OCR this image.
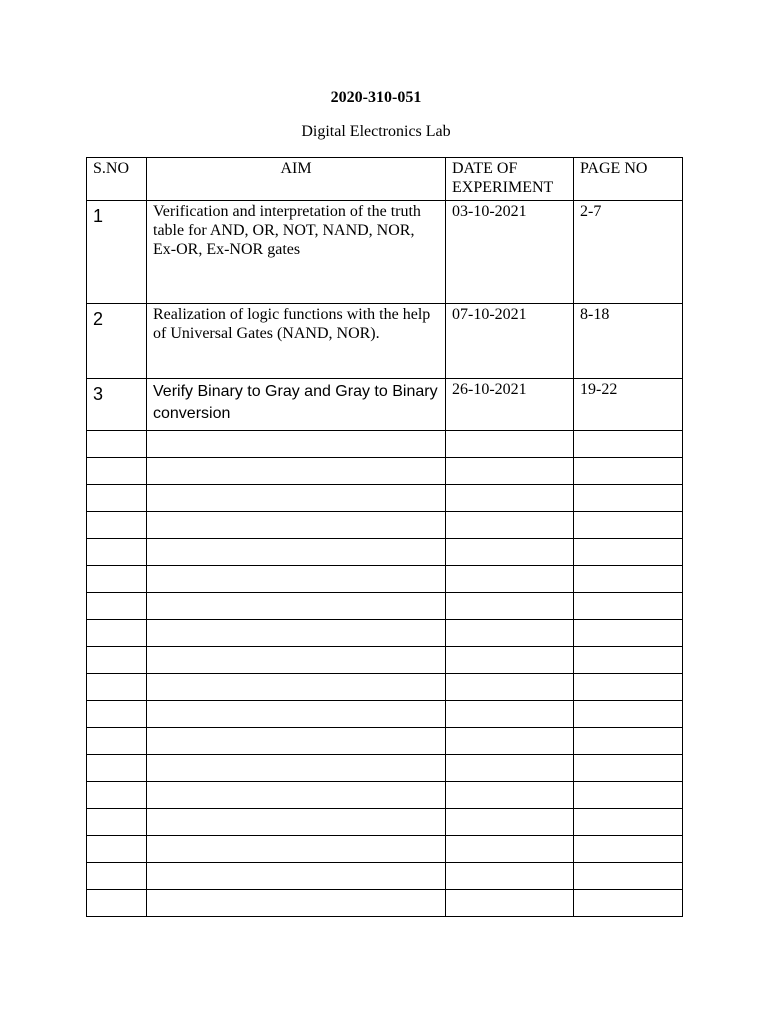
2020-310-051
Digital Electronics Lab
S.NO	AIM	DATE OF EXPERIMENT	PAGE NO
1	Verification and interpretation of the truth table for AND, OR, NOT, NAND, NOR, Ex-OR, Ex-NOR gates	03-10-2021	2-7
2	Realization of logic functions with the help of Universal Gates (NAND, NOR).	07-10-2021	8-18
3	Verify Binary to Gray and Gray to Binary conversion	26-10-2021	19-22
